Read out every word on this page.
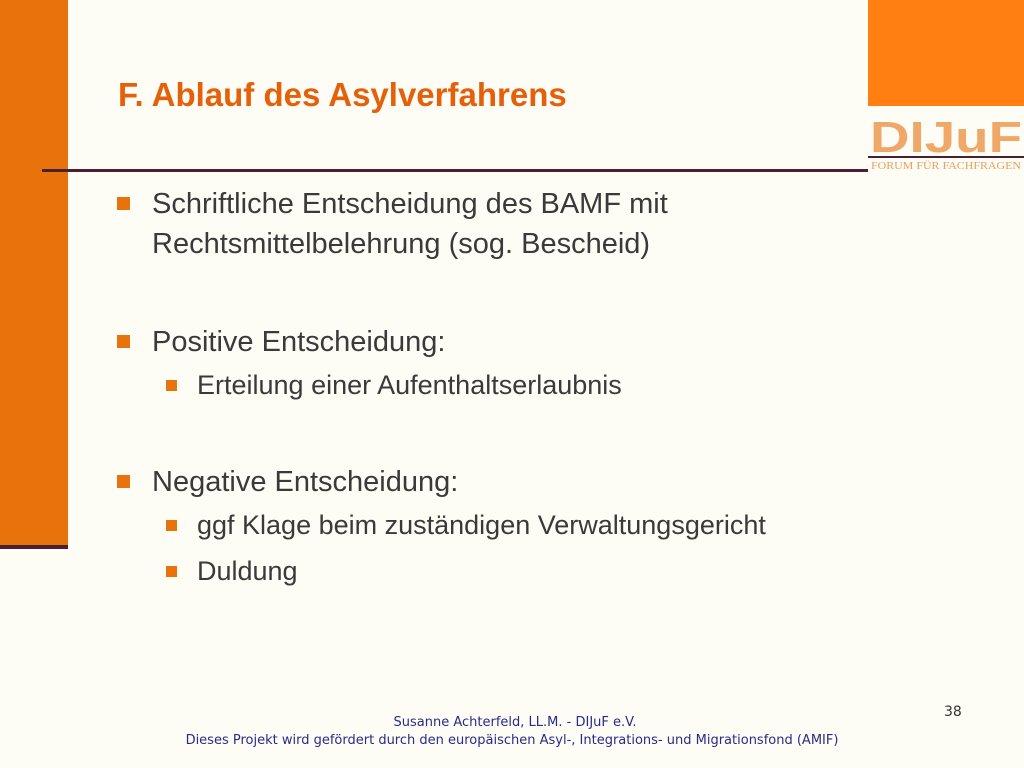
DIJuF
FORUM FÜR FACHFRAGEN
F. Ablauf des Asylverfahrens
Schriftliche Entscheidung des BAMF mit
Rechtsmittelbelehrung (sog. Bescheid)
Positive Entscheidung:
Erteilung einer Aufenthaltserlaubnis
Negative Entscheidung:
ggf Klage beim zuständigen Verwaltungsgericht
Duldung
38
Susanne Achterfeld, LL.M. - DIJuF e.V.
Dieses Projekt wird gefördert durch den europäischen Asyl-, Integrations- und Migrationsfond (AMIF)
